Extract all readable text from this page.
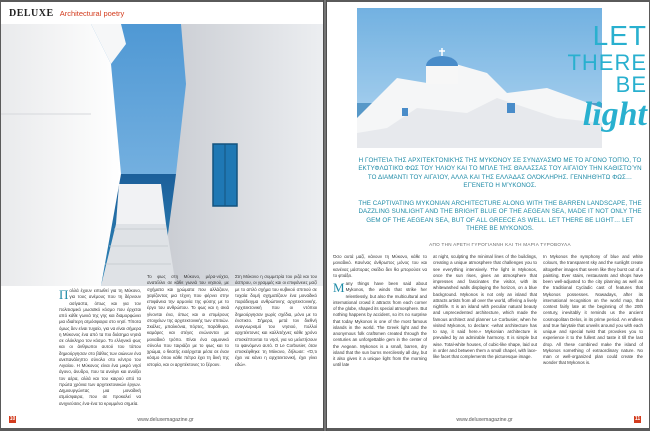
DELUXE Architectural poetry

Πολλά έχουν ειπωθεί για τη Μύκονο, για τους ανέμους που τη δέρνουν ασίγαστα, όπως και για τον πολιτισμικό μωσαϊκό κόσμο που έρχεται από κάθε γωνιά της γης και διαμορφώνει μια ιδιαίτερη ατμόσφαιρα στο νησί. Τίποτα όμως δεν είναι τυχαίο, για να είναι σήμερα η Μύκονος ένα από τα πιο διάσημα νησιά σε ολόκληρο τον κόσμο. Το ελληνικό φως και οι άνθρωποι αυτού του τόπου δημιούργησαν στο βάθος των αιώνων ένα ανεπανάληπτο σύνολο στο κέντρο του Αιγαίου. Η Μύκονος είναι ένα μικρό νησί άγονο, άνυδρο, που τα ανοίγει και ανοίξει τον αέρα, αλλά και του καιρού από τα πρώτα χρόνια των αρχιτεκτονικών έργων. Δημιουργώντας μια μοναδική ατμόσφαιρα, που σε προκαλεί να ανιχνεύσεις ένα-ένα τα κρυμμένα σημεία.

Το φως στη Μύκονο, μέρα-νύχτα, ανατέλλει σε κάθε γωνιά του νησιού, με σχήματα και χρώματα που αλλάζουν, χαρίζοντας μια τέχνη που φέρνει στην επιφάνεια την αρμονία της φύσης με το έργο του ανθρώπου. Το φως και η σκιά γίνονται ένα, όπως και οι επιμέρους στοιχείων της αρχιτεκτονικής των σπιτιών. Σκάλες, μπαλκόνια, πόρτες, παράθυρα, καμάρες και στέγες ενώνονται με μοναδικό τρόπο. Είναι ένα αρμονικό σύνολο που ταιριάζει με το φως και το χρώμα, ο θεατής εισέρχεται μέσα σε έναν κόσμο όπου κάθε πέτρα έχει τη δική της ιστορία, και οι αρχιτέκτονες το ξέρουν.

Στη Μύκονο η συμμετρία του ριζά και του άσπρου, οι γραμμές και οι επιφάνειες μαζί με το απλό σχήμα του κυβικού σπιτιού σε τυχαία δομή σχηματίζουν ένα μοναδικό παράδειγμα ανθρώπινης αρχιτεκτονικής. Αρχιτεκτονική που οι ντόπιοι δημιούργησαν χωρίς σχέδια, μόνο με το ένστικτο. Σήμερα, μετά τον διεθνή αναγνωρισμό του νησιού, πολλοί αρχιτέκτονες και καλλιτέχνες κάθε χρόνο επισκέπτονται το νησί, για να μελετήσουν το φαινόμενο αυτό. Ο Le Corbusier, όταν επισκέφθηκε τη Μύκονο, δήλωσε: «Ό,τι έχει να κάνει η αρχιτεκτονική, έχει γίνει εδώ».

10	www.deluxemagazine.gr
LET
THERE BE
light

Η ΓΟΗΤΕΊΑ ΤΗΣ ΑΡΧΙΤΕΚΤΟΝΙΚΉΣ ΤΗΣ ΜΥΚΌΝΟΥ ΣΕ ΣΥΝΔΥΑΣΜΌ ΜΕ ΤΟ ΆΓΟΝΟ ΤΟΠΊΟ, ΤΟ ΕΚΤΥΦΛΩΤΙΚΌ ΦΩΣ ΤΟΥ ΉΛΙΟΥ ΚΑΙ ΤΟ ΜΠΛΕ ΤΗΣ ΘΆΛΑΣΣΑΣ ΤΟΥ ΑΙΓΑΊΟΥ ΤΗΝ ΚΑΘΙΣΤΟΎΝ ΤΟ ΔΙΑΜΆΝΤΙ ΤΟΥ ΑΙΓΑΊΟΥ, ΑΛΛΆ ΚΑΙ ΤΗΣ ΕΛΛΆΔΑΣ ΟΛΌΚΛΗΡΗΣ. ΓΕΝΝΗΘΉΤΩ ΦΩΣ… ΕΓΈΝΕΤΟ Η ΜΎΚΟΝΟΣ.

THE CAPTIVATING MYKONIAN ARCHITECTURE ALONG WITH THE BARREN LANDSCAPE, THE DAZZLING SUNLIGHT AND THE BRIGHT BLUE OF THE AEGEAN SEA, MADE IT NOT ONLY THE GEM OF THE AEGEAN SEA, BUT OF ALL GREECE AS WELL. LET THERE BE LIGHT… LET THERE BE MYKONOS.

ΑΠΟ ΤΗΝ ΑΡΕΤΗ ΓΥΡΟΓΙΑΝΝΗ ΚΑΙ ΤΗ ΜΑΡΙΑ ΤΥΡΟΒΟΥΛΑ

Όσο αυτά μαζί, κάνουν τη Μύκονο, κάθε το μοναδικό. Κανένας άνθρωπος μόνος του και κανένας μάστορας σκέδιο δεν θα μπορούσε να το φτιάξει.

Many things have been said about Mykonos, the winds that strike her relentlessly, but also the multicultural and international crowd it attracts from each corner of the globe, shaped its special atmosphere. But nothing happens by accident, so it's no surprise that today Mykonos is one of the most famous islands in the world. The Greek light and the anonymous folk craftsmen created through the centuries an unforgettable gem in the center of the Aegean. Mykonos is a small, barren, dry island that the sun burns mercilessly all day, but it also gives it a unique light from the morning until late

at night, sculpting the minimal lines of the buildings, creating a unique atmosphere that challenges you to see everything intensively. The light in Mykonos, once the sun rises, gives an atmosphere that impresses and fascinates the visitor, with its whitewashed walls displaying the horizon, on a blue background. Mykonos is not only an island that attracts artists from all over the world, offering a lively nightlife. It is an island with peculiar natural beauty and unprecedented architecture, which made the famous architect and planner Le Corbusier, when he visited Mykonos, to declare: «what architecture has to say, it said here.» Mykonian architecture is prevailed by an admirable harmony. It is simple but wise. Total-white houses, of cubic-like shape, laid out in order and between them a small chapel, with lace-like facet that complements the picturesque image.

In Mykonos the symphony of blue and white colours, the transparent sky and the sunlight create altogether images that seem like they burst out of a painting. Ever stairs, restaurants and shops have been well-adjusted to the city planning as well as the traditional Cycladic cast of features that Mykonos possesses. Nowadays, after its international recognition on the world map, that context fairly late at the beginning of the 20th century, inevitably it reminds us the ancient cosmopolitan Delos, in its prime period. An endless and true fairytale that unveils around you with each unique and special twist that provokes you to experience it to the fullest and taste it till the last drop. All these combined make the island of Mykonos something of extraordinary nature. No man or well-organized plan could create the wonder that Mykonos is.

www.deluxemagazine.gr	11
